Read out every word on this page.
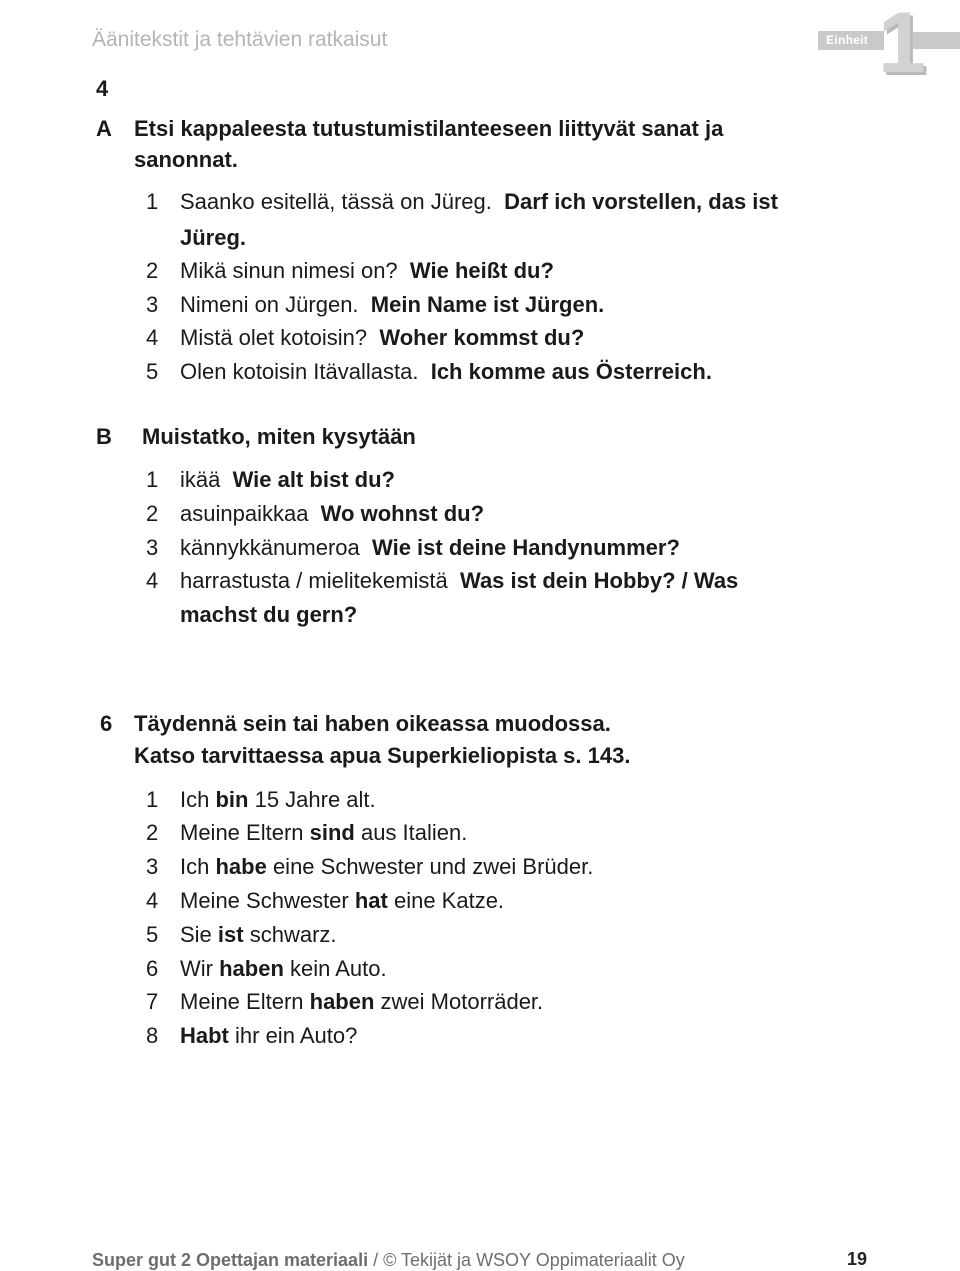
Äänitekstit ja tehtävien ratkaisut	Einheit 1
4
A Etsi kappaleesta tutustumistilanteeseen liittyvät sanat ja
sanonnat.
1 Saanko esitellä, tässä on Jüreg. Darf ich vorstellen, das ist
Jüreg.
2 Mikä sinun nimesi on? Wie heißt du?
3 Nimeni on Jürgen. Mein Name ist Jürgen.
4 Mistä olet kotoisin? Woher kommst du?
5 Olen kotoisin Itävallasta. Ich komme aus Österreich.
B Muistatko, miten kysytään
1 ikää Wie alt bist du?
2 asuinpaikkaa Wo wohnst du?
3 kännykkänumeroa Wie ist deine Handynummer?
4 harrastusta / mielitekemistä Was ist dein Hobby? / Was
machst du gern?
6 Täydennä sein tai haben oikeassa muodossa.
Katso tarvittaessa apua Superkieliopista s. 143.
1 Ich bin 15 Jahre alt.
2 Meine Eltern sind aus Italien.
3 Ich habe eine Schwester und zwei Brüder.
4 Meine Schwester hat eine Katze.
5 Sie ist schwarz.
6 Wir haben kein Auto.
7 Meine Eltern haben zwei Motorräder.
8 Habt ihr ein Auto?
Super gut 2 Opettajan materiaali / © Tekijät ja WSOY Oppimateriaalit Oy	19
